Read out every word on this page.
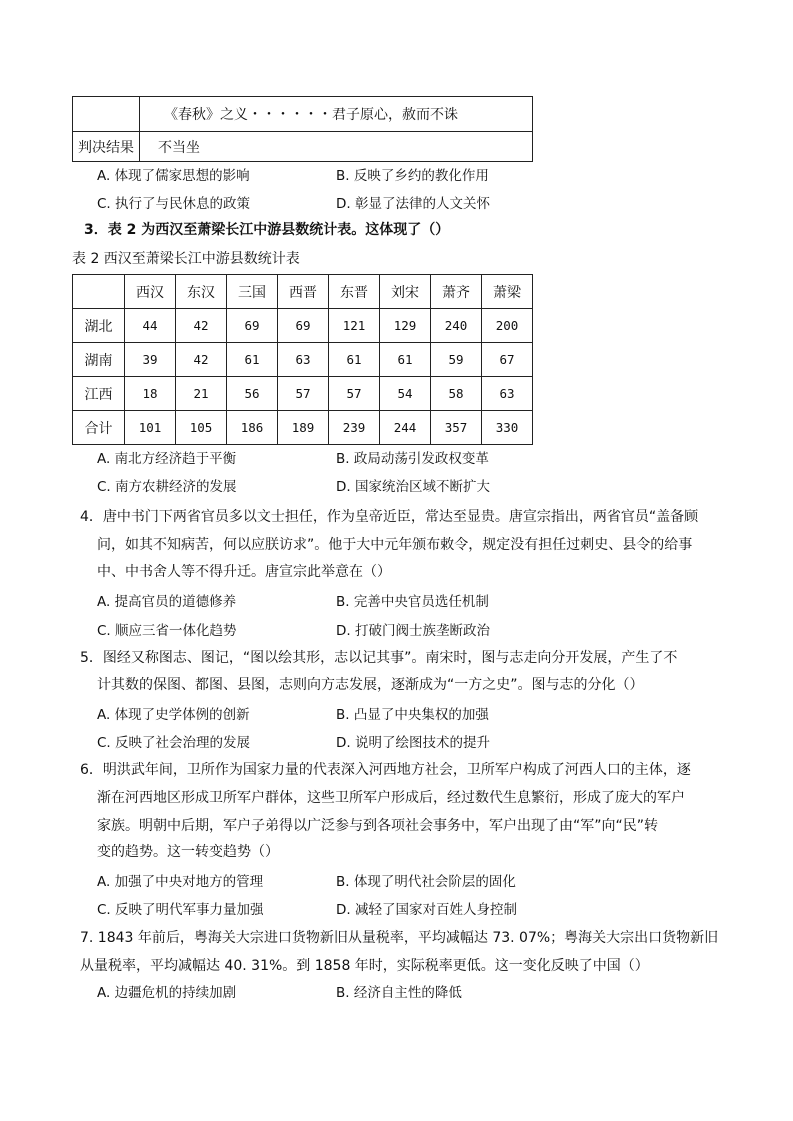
	《春秋》之义・・・・・・君子原心，赦而不诛
判决结果	不当坐
A. 体现了儒家思想的影响	B. 反映了乡约的教化作用
C. 执行了与民休息的政策	D. 彰显了法律的人文关怀
3．表 2 为西汉至萧梁长江中游县数统计表。这体现了（）
表 2 西汉至萧梁长江中游县数统计表
	西汉	东汉	三国	西晋	东晋	刘宋	萧齐	萧梁
湖北	44	42	69	69	121	129	240	200
湖南	39	42	61	63	61	61	59	67
江西	18	21	56	57	57	54	58	63
合计	101	105	186	189	239	244	357	330
A. 南北方经济趋于平衡	B. 政局动荡引发政权变革
C. 南方农耕经济的发展	D. 国家统治区域不断扩大
4．唐中书门下两省官员多以文士担任，作为皇帝近臣，常达至显贵。唐宣宗指出，两省官员“盖备顾
问，如其不知病苦，何以应朕访求”。他于大中元年颁布敕令，规定没有担任过刺史、县令的给事
中、中书舍人等不得升迁。唐宣宗此举意在（）
A. 提高官员的道德修养	B. 完善中央官员选任机制
C. 顺应三省一体化趋势	D. 打破门阀士族垄断政治
5．图经又称图志、图记，“图以绘其形，志以记其事”。南宋时，图与志走向分开发展，产生了不
计其数的保图、都图、县图，志则向方志发展，逐渐成为“一方之史”。图与志的分化（）
A. 体现了史学体例的创新	B. 凸显了中央集权的加强
C. 反映了社会治理的发展	D. 说明了绘图技术的提升
6．明洪武年间，卫所作为国家力量的代表深入河西地方社会，卫所军户构成了河西人口的主体，逐
渐在河西地区形成卫所军户群体，这些卫所军户形成后，经过数代生息繁衍，形成了庞大的军户
家族。明朝中后期，军户子弟得以广泛参与到各项社会事务中，军户出现了由“军”向“民”转
变的趋势。这一转变趋势（）
A. 加强了中央对地方的管理	B. 体现了明代社会阶层的固化
C. 反映了明代军事力量加强	D. 减轻了国家对百姓人身控制
7. 1843 年前后，粤海关大宗进口货物新旧从量税率，平均减幅达 73. 07%；粤海关大宗出口货物新旧
从量税率，平均减幅达 40. 31%。到 1858 年时，实际税率更低。这一变化反映了中国（）
A. 边疆危机的持续加剧	B. 经济自主性的降低
